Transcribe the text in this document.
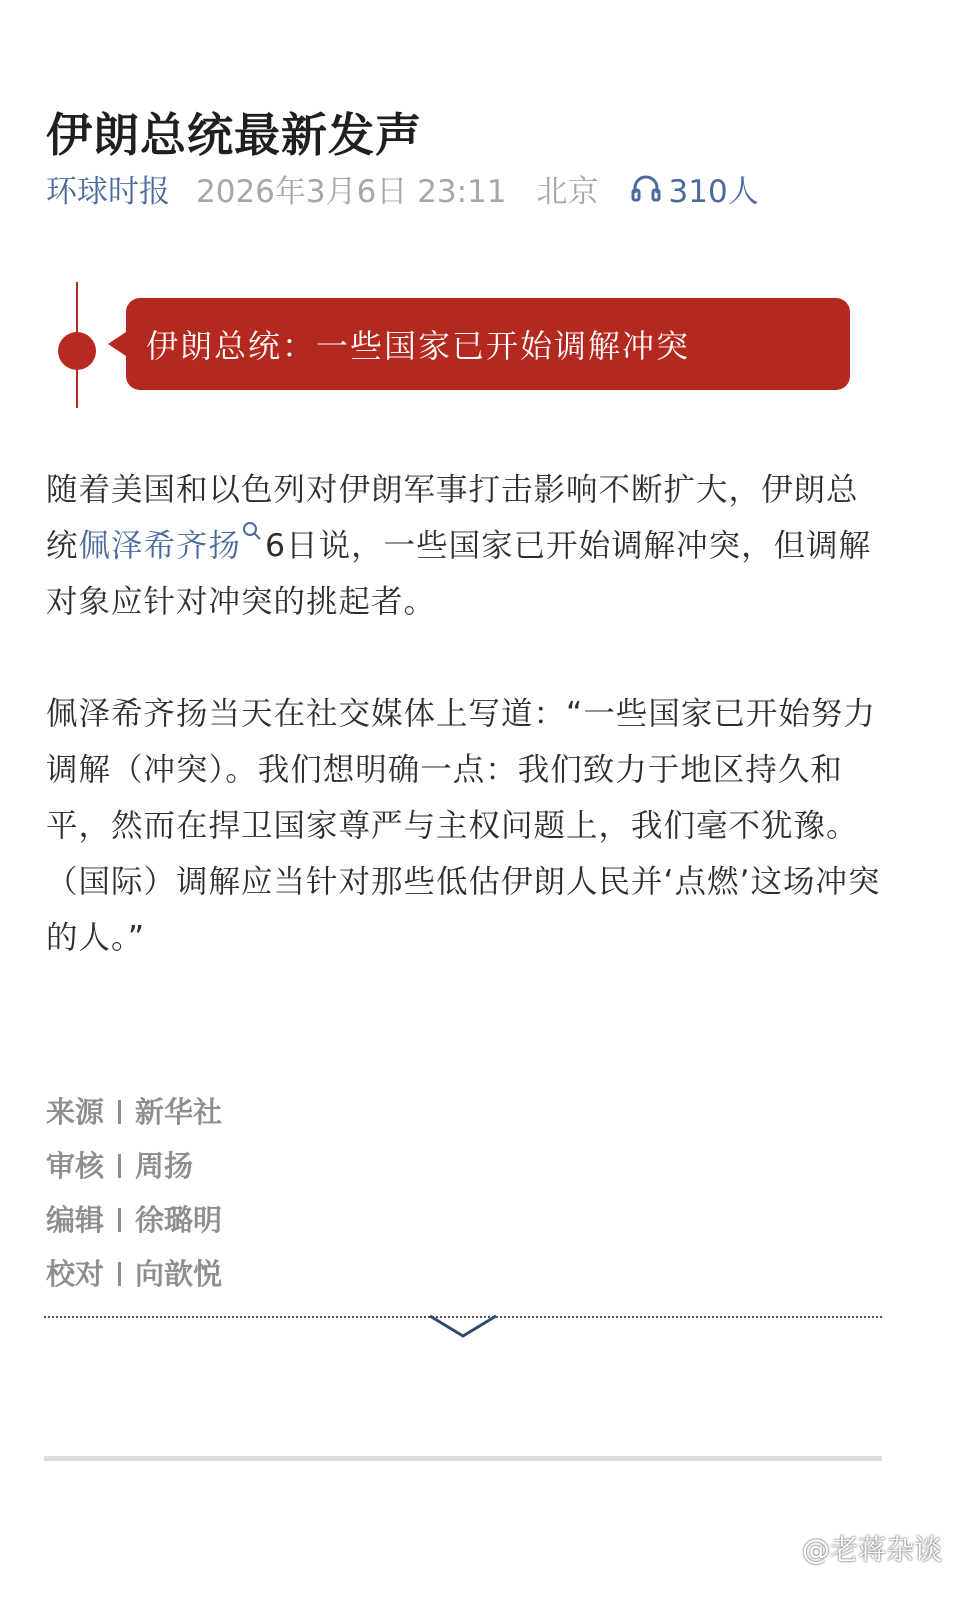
伊朗总统最新发声
环球时报 2026年3月6日 23:11 北京 310人
伊朗总统：一些国家已开始调解冲突

随着美国和以色列对伊朗军事打击影响不断扩大，伊朗总统佩泽希齐扬 6日说，一些国家已开始调解冲突，但调解对象应针对冲突的挑起者。

佩泽希齐扬当天在社交媒体上写道：“一些国家已开始努力调解（冲突）。我们想明确一点：我们致力于地区持久和平，然而在捍卫国家尊严与主权问题上，我们毫不犹豫。（国际）调解应当针对那些低估伊朗人民并‘点燃’这场冲突的人。”

来源 新华社
审核 周扬
编辑 徐璐明
校对 向歆悦
@老蒋杂谈
